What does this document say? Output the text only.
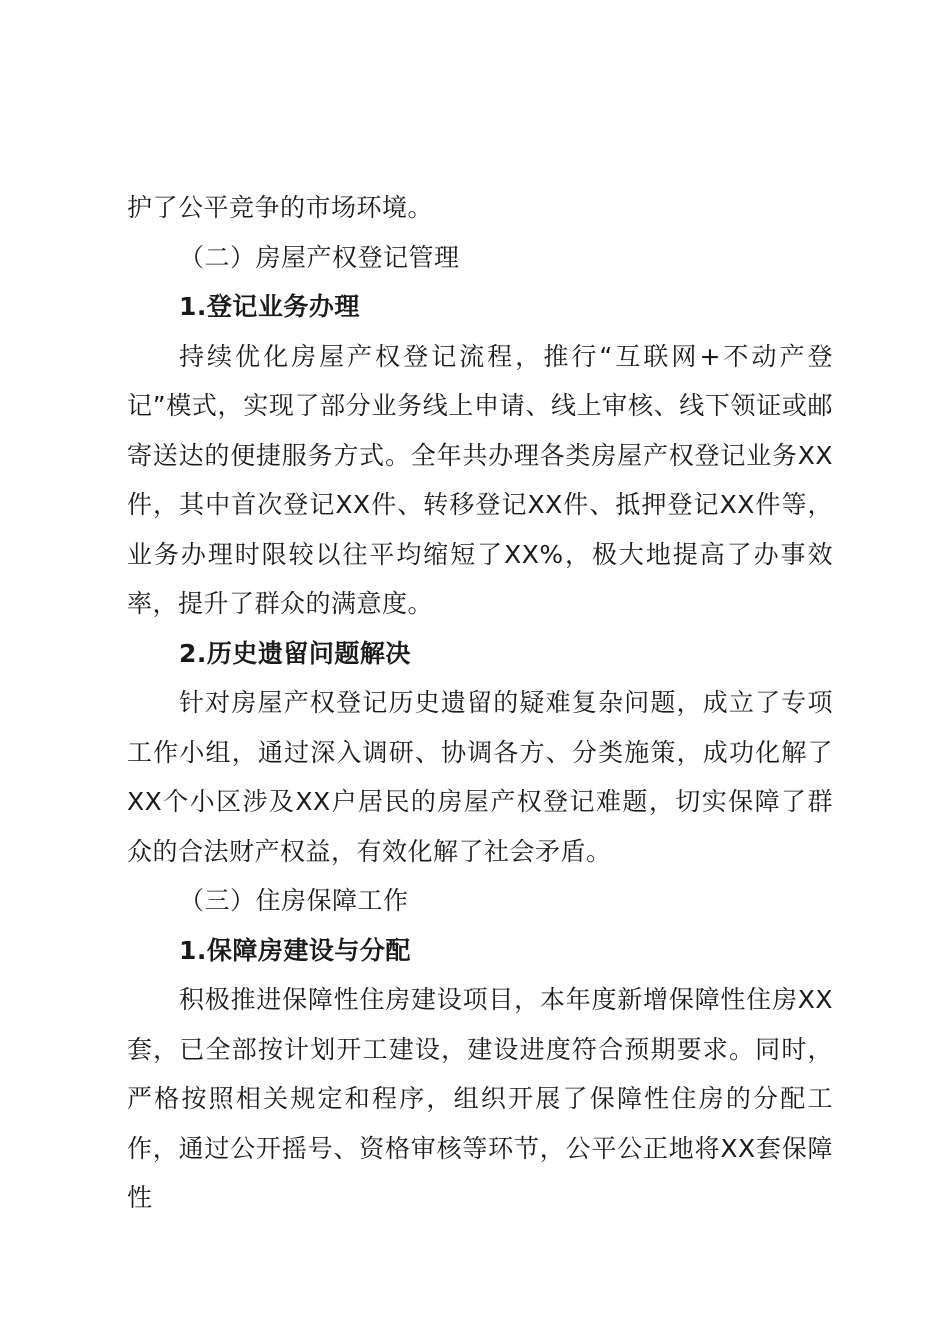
护了公平竞争的市场环境。

（二）房屋产权登记管理

1.登记业务办理

持续优化房屋产权登记流程，推行“互联网+不动产登记”模式，实现了部分业务线上申请、线上审核、线下领证或邮寄送达的便捷服务方式。全年共办理各类房屋产权登记业务XX件，其中首次登记XX件、转移登记XX件、抵押登记XX件等，业务办理时限较以往平均缩短了XX%，极大地提高了办事效率，提升了群众的满意度。

2.历史遗留问题解决

针对房屋产权登记历史遗留的疑难复杂问题，成立了专项工作小组，通过深入调研、协调各方、分类施策，成功化解了XX个小区涉及XX户居民的房屋产权登记难题，切实保障了群众的合法财产权益，有效化解了社会矛盾。

（三）住房保障工作

1.保障房建设与分配

积极推进保障性住房建设项目，本年度新增保障性住房XX套，已全部按计划开工建设，建设进度符合预期要求。同时，严格按照相关规定和程序，组织开展了保障性住房的分配工作，通过公开摇号、资格审核等环节，公平公正地将XX套保障性
